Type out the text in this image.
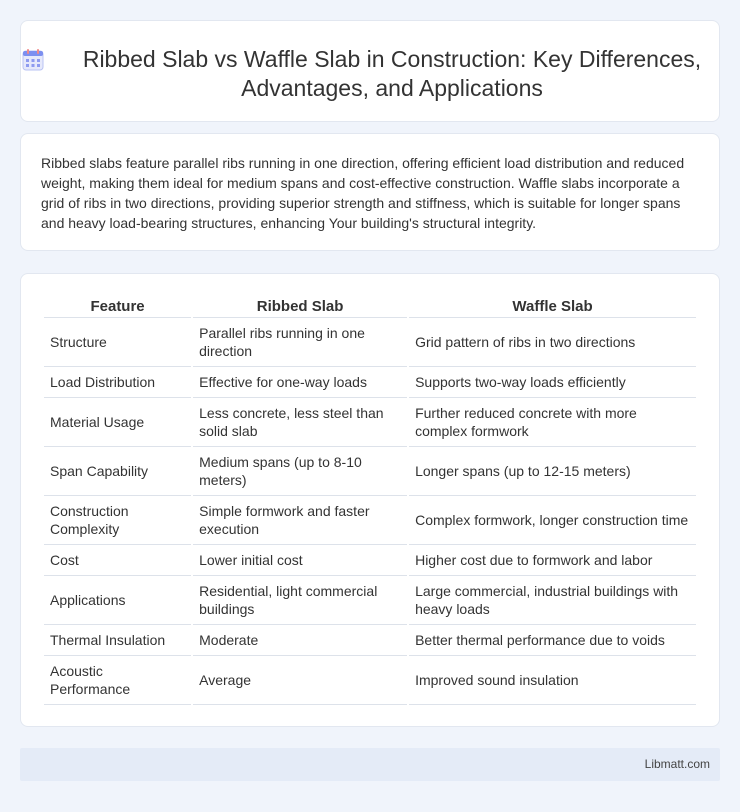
Ribbed Slab vs Waffle Slab in Construction: Key Differences, Advantages, and Applications

Ribbed slabs feature parallel ribs running in one direction, offering efficient load distribution and reduced weight, making them ideal for medium spans and cost-effective construction. Waffle slabs incorporate a grid of ribs in two directions, providing superior strength and stiffness, which is suitable for longer spans and heavy load-bearing structures, enhancing Your building's structural integrity.

Feature	Ribbed Slab	Waffle Slab
Structure	Parallel ribs running in one direction	Grid pattern of ribs in two directions
Load Distribution	Effective for one-way loads	Supports two-way loads efficiently
Material Usage	Less concrete, less steel than solid slab	Further reduced concrete with more complex formwork
Span Capability	Medium spans (up to 8-10 meters)	Longer spans (up to 12-15 meters)
Construction Complexity	Simple formwork and faster execution	Complex formwork, longer construction time
Cost	Lower initial cost	Higher cost due to formwork and labor
Applications	Residential, light commercial buildings	Large commercial, industrial buildings with heavy loads
Thermal Insulation	Moderate	Better thermal performance due to voids
Acoustic Performance	Average	Improved sound insulation
Libmatt.com
